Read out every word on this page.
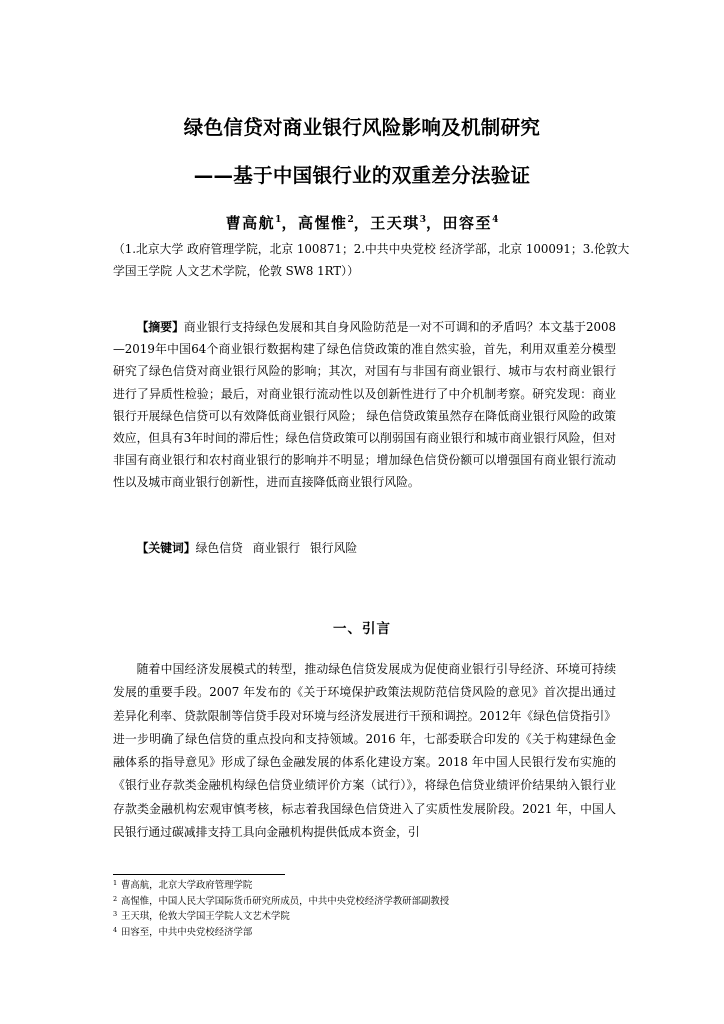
绿色信贷对商业银行风险影响及机制研究
——基于中国银行业的双重差分法验证
曹高航$^1$，高惺惟$^2$，王天琪$^3$，田容至$^4$
（1.北京大学 政府管理学院，北京 100871；2.中共中央党校 经济学部，北京 100091；3.伦敦大学国王学院 人文艺术学院，伦敦 SW8 1RT））
【摘要】商业银行支持绿色发展和其自身风险防范是一对不可调和的矛盾吗？本文基于2008—2019年中国64个商业银行数据构建了绿色信贷政策的准自然实验，首先，利用双重差分模型研究了绿色信贷对商业银行风险的影响；其次，对国有与非国有商业银行、城市与农村商业银行进行了异质性检验；最后，对商业银行流动性以及创新性进行了中介机制考察。研究发现：商业银行开展绿色信贷可以有效降低商业银行风险； 绿色信贷政策虽然存在降低商业银行风险的政策效应，但具有3年时间的滞后性；绿色信贷政策可以削弱国有商业银行和城市商业银行风险，但对非国有商业银行和农村商业银行的影响并不明显；增加绿色信贷份额可以增强国有商业银行流动性以及城市商业银行创新性，进而直接降低商业银行风险。
【关键词】绿色信贷 商业银行 银行风险
一、引言
随着中国经济发展模式的转型，推动绿色信贷发展成为促使商业银行引导经济、环境可持续发展的重要手段。2007 年发布的《关于环境保护政策法规防范信贷风险的意见》首次提出通过差异化利率、贷款限制等信贷手段对环境与经济发展进行干预和调控。2012年《绿色信贷指引》进一步明确了绿色信贷的重点投向和支持领域。2016 年，七部委联合印发的《关于构建绿色金融体系的指导意见》形成了绿色金融发展的体系化建设方案。2018 年中国人民银行发布实施的《银行业存款类金融机构绿色信贷业绩评价方案（试行）》，将绿色信贷业绩评价结果纳入银行业存款类金融机构宏观审慎考核，标志着我国绿色信贷进入了实质性发展阶段。2021 年，中国人民银行通过碳减排支持工具向金融机构提供低成本资金，引
$^1$ 曹高航，北京大学政府管理学院
$^2$ 高惺惟，中国人民大学国际货币研究所成员，中共中央党校经济学教研部副教授
$^3$ 王天琪，伦敦大学国王学院人文艺术学院
$^4$ 田容至，中共中央党校经济学部
